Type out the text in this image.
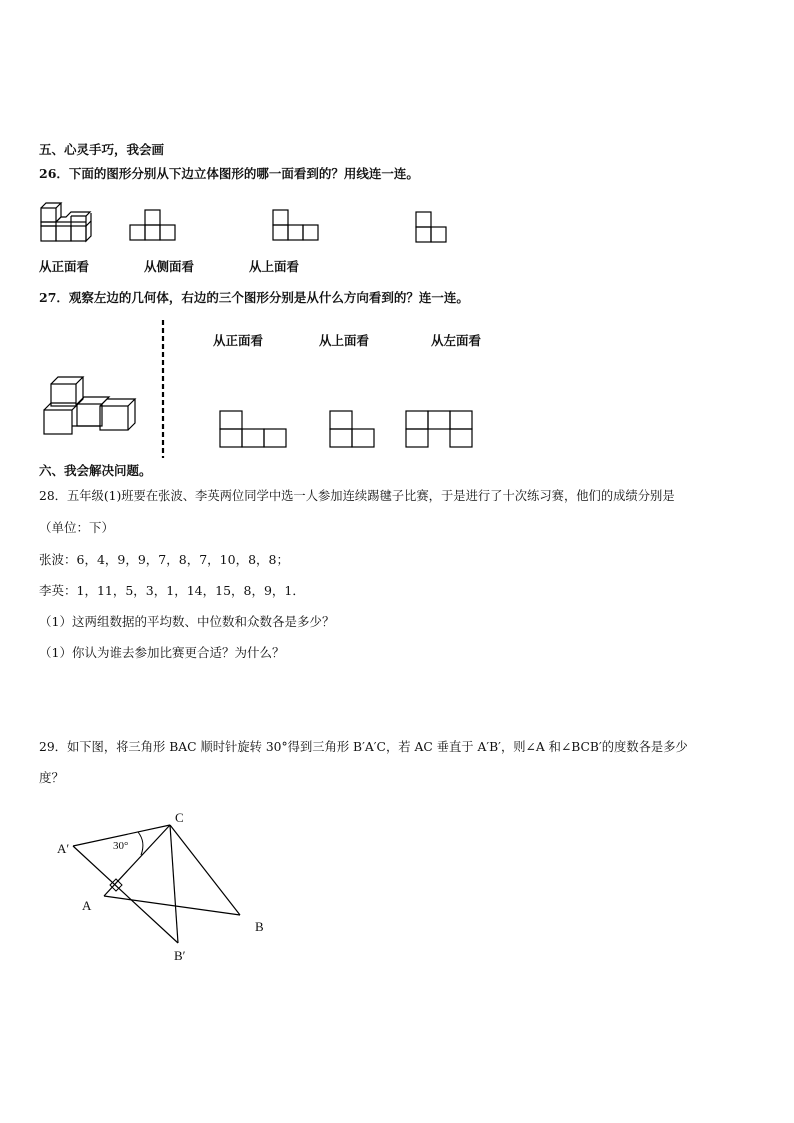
五、心灵手巧，我会画
26．下面的图形分别从下边立体图形的哪一面看到的？用线连一连。
从正面看	从侧面看	从上面看
27．观察左边的几何体，右边的三个图形分别是从什么方向看到的？连一连。
从正面看	从上面看	从左面看
六、我会解决问题。
28．五年级(1)班要在张波、李英两位同学中选一人参加连续踢毽子比赛，于是进行了十次练习赛，他们的成绩分别是
（单位：下）
张波：6，4，9，9，7，8，7，10，8，8；
李英：1，11，5，3，1，14，15，8，9，1．
（1）这两组数据的平均数、中位数和众数各是多少？
（1）你认为谁去参加比赛更合适？为什么？
29．如下图，将三角形 BAC 顺时针旋转 30°得到三角形 B′A′C，若 AC 垂直于 A′B′，则∠A 和∠BCB′的度数各是多少
度？
C
A′	30°
A
B
B′
